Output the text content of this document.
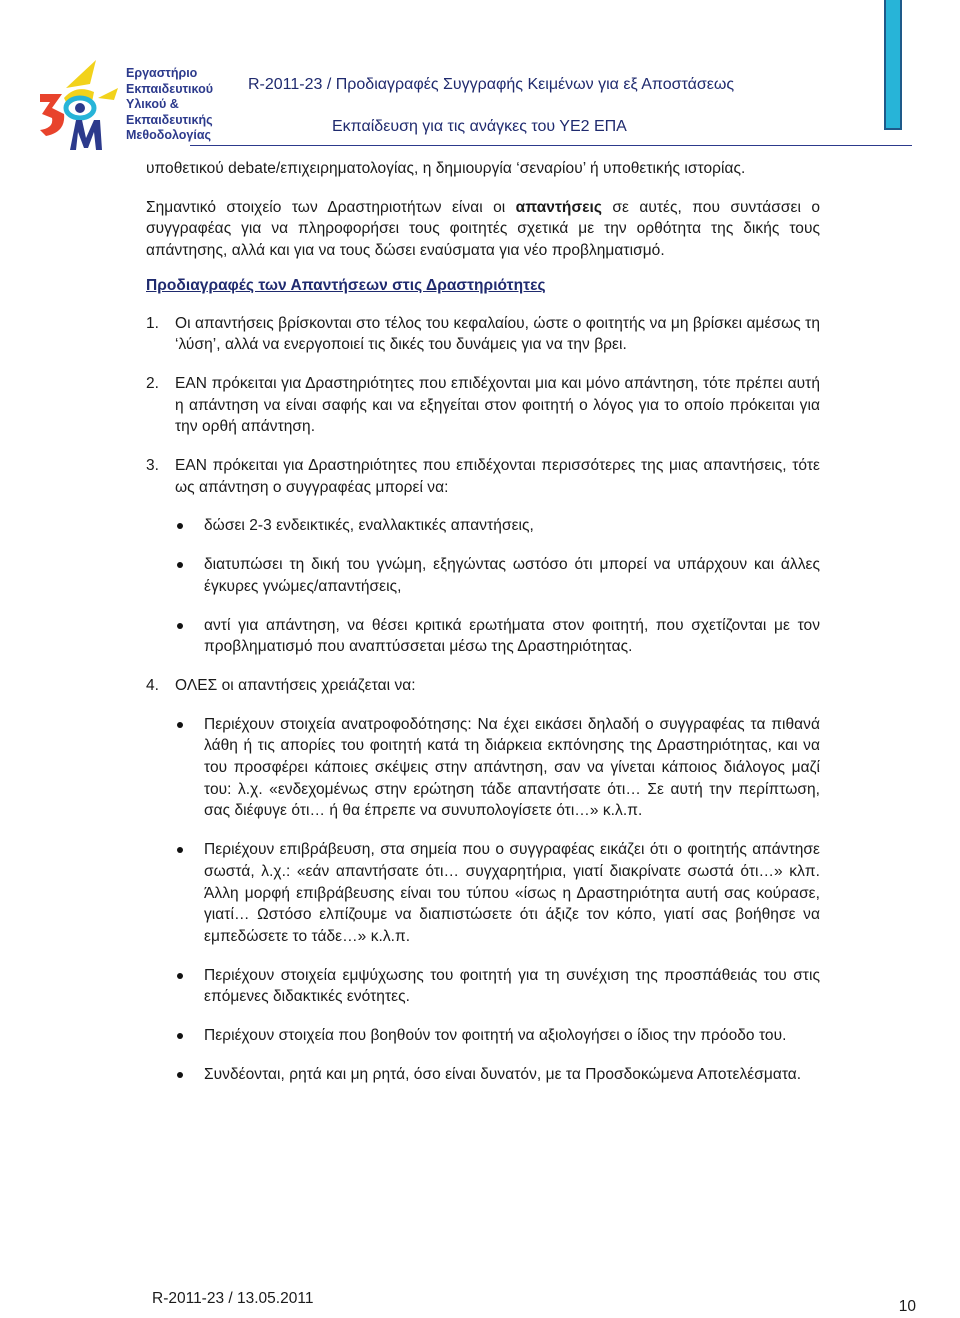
Εργαστήριο
Εκπαιδευτικού
Υλικού &
Εκπαιδευτικής
Μεθοδολογίας
R-2011-23 / Προδιαγραφές Συγγραφής Κειμένων για εξ Αποστάσεως
Εκπαίδευση για τις ανάγκες του ΥΕ2 ΕΠΑ

υποθετικού debate/επιχειρηματολογίας, η δημιουργία ‘σεναρίου’ ή υποθετικής ιστορίας.

Σημαντικό στοιχείο των Δραστηριοτήτων είναι οι απαντήσεις σε αυτές, που συντάσσει ο συγγραφέας για να πληροφορήσει τους φοιτητές σχετικά με την ορθότητα της δικής τους απάντησης, αλλά και για να τους δώσει εναύσματα για νέο προβληματισμό.

Προδιαγραφές των Απαντήσεων στις Δραστηριότητες

1. Οι απαντήσεις βρίσκονται στο τέλος του κεφαλαίου, ώστε ο φοιτητής να μη βρίσκει αμέσως τη ‘λύση’, αλλά να ενεργοποιεί τις δικές του δυνάμεις για να την βρει.
2. ΕΑΝ πρόκειται για Δραστηριότητες που επιδέχονται μια και μόνο απάντηση, τότε πρέπει αυτή η απάντηση να είναι σαφής και να εξηγείται στον φοιτητή ο λόγος για το οποίο πρόκειται για την ορθή απάντηση.
3. ΕΑΝ πρόκειται για Δραστηριότητες που επιδέχονται περισσότερες της μιας απαντήσεις, τότε ως απάντηση ο συγγραφέας μπορεί να:
δώσει 2-3 ενδεικτικές, εναλλακτικές απαντήσεις,
διατυπώσει τη δική του γνώμη, εξηγώντας ωστόσο ότι μπορεί να υπάρχουν και άλλες έγκυρες γνώμες/απαντήσεις,
αντί για απάντηση, να θέσει κριτικά ερωτήματα στον φοιτητή, που σχετίζονται με τον προβληματισμό που αναπτύσσεται μέσω της Δραστηριότητας.
4. ΟΛΕΣ οι απαντήσεις χρειάζεται να:
Περιέχουν στοιχεία ανατροφοδότησης: Να έχει εικάσει δηλαδή ο συγγραφέας τα πιθανά λάθη ή τις απορίες του φοιτητή κατά τη διάρκεια εκπόνησης της Δραστηριότητας, και να του προσφέρει κάποιες σκέψεις στην απάντηση, σαν να γίνεται κάποιος διάλογος μαζί του: λ.χ. «ενδεχομένως στην ερώτηση τάδε απαντήσατε ότι… Σε αυτή την περίπτωση, σας διέφυγε ότι… ή θα έπρεπε να συνυπολογίσετε ότι…» κ.λ.π.
Περιέχουν επιβράβευση, στα σημεία που ο συγγραφέας εικάζει ότι ο φοιτητής απάντησε σωστά, λ.χ.: «εάν απαντήσατε ότι… συγχαρητήρια, γιατί διακρίνατε σωστά ότι…» κλπ. Άλλη μορφή επιβράβευσης είναι του τύπου «ίσως η Δραστηριότητα αυτή σας κούρασε, γιατί… Ωστόσο ελπίζουμε να διαπιστώσετε ότι άξιζε τον κόπο, γιατί σας βοήθησε να εμπεδώσετε το τάδε…» κ.λ.π.
Περιέχουν στοιχεία εμψύχωσης του φοιτητή για τη συνέχιση της προσπάθειάς του στις επόμενες διδακτικές ενότητες.
Περιέχουν στοιχεία που βοηθούν τον φοιτητή να αξιολογήσει ο ίδιος την πρόοδο του.
Συνδέονται, ρητά και μη ρητά, όσο είναι δυνατόν, με τα Προσδοκώμενα Αποτελέσματα.
R-2011-23 / 13.05.2011	10
